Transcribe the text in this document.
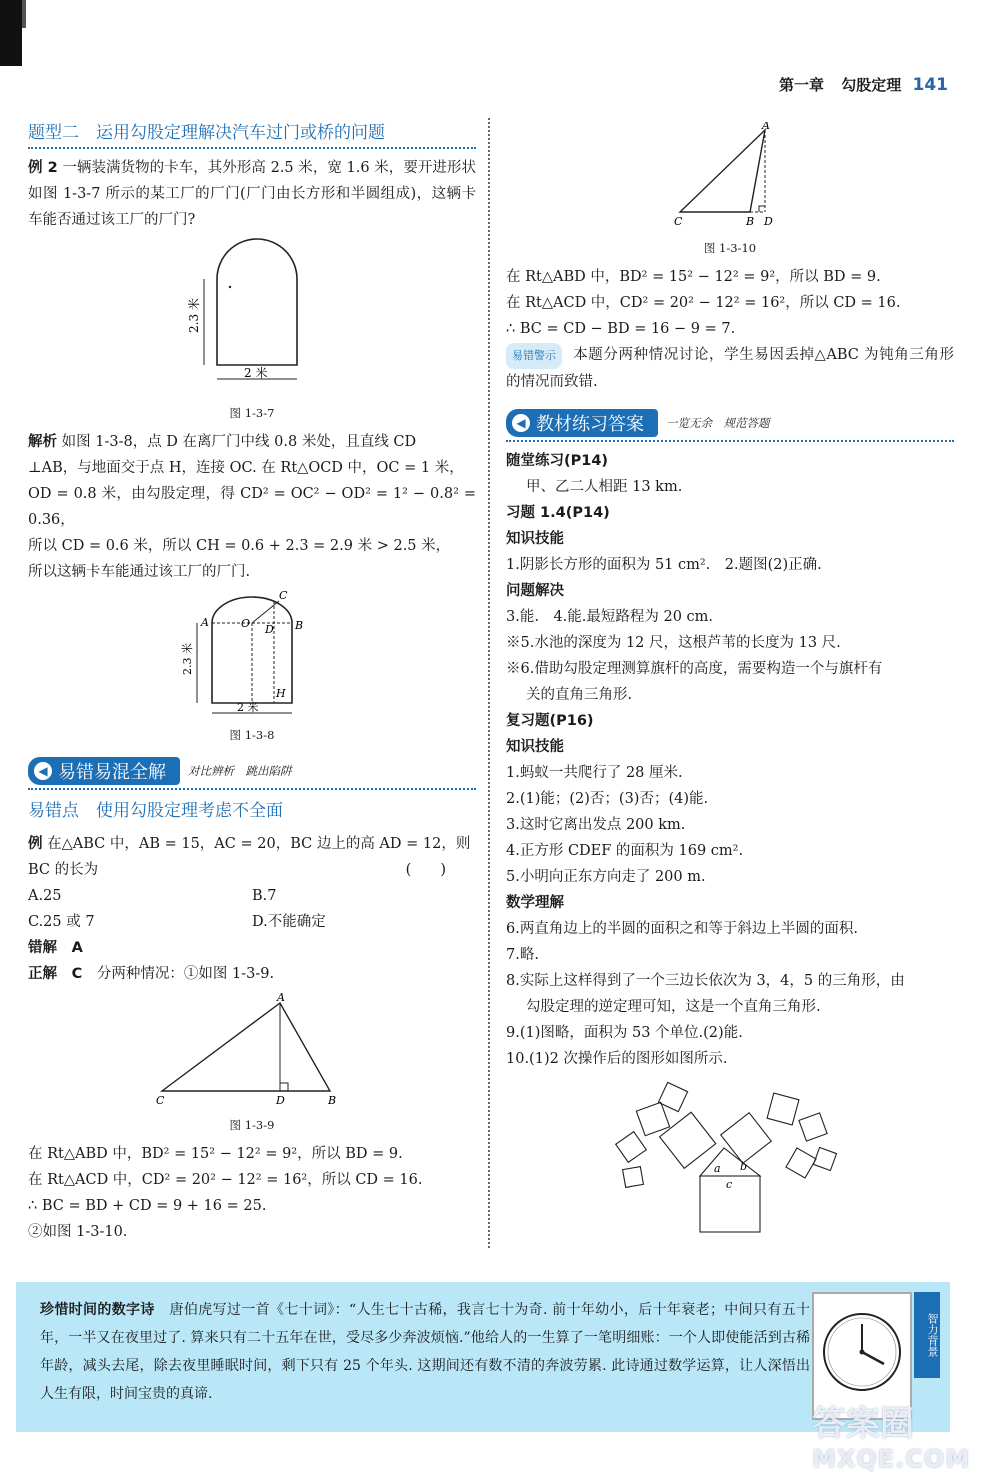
第一章 勾股定理 141
题型二　运用勾股定理解决汽车过门或桥的问题

例 2 一辆装满货物的卡车，其外形高 2.5 米，宽 1.6 米，要开进形状如图 1-3-7 所示的某工厂的厂门(厂门由长方形和半圆组成)，这辆卡车能否通过该工厂的厂门?

2.3 米
2 米
图 1-3-7

解析 如图 1-3-8，点 D 在离厂门中线 0.8 米处，且直线 CD
⊥AB，与地面交于点 H，连接 OC. 在 Rt△OCD 中，OC = 1 米，
OD = 0.8 米，由勾股定理，得 CD² = OC² − OD² = 1² − 0.8² = 0.36，
所以 CD = 0.6 米，所以 CH = 0.6 + 2.3 = 2.9 米 > 2.5 米，
所以这辆卡车能通过该工厂的厂门.

A	B
C
D
O
H
2.3 米
2 米
图 1-3-8
◀ 易错易混全解 对比辨析　跳出陷阱
易错点　使用勾股定理考虑不全面

例 在△ABC 中，AB = 15，AC = 20，BC 边上的高 AD = 12，则

BC 的长为	(　　)
A.25	B.7
C.25 或 7	D.不能确定

错解 A

正解 C 分两种情况：①如图 1-3-9.

A
B
C	D
图 1-3-9

在 Rt△ABD 中，BD² = 15² − 12² = 9²，所以 BD = 9.

在 Rt△ACD 中，CD² = 20² − 12² = 16²，所以 CD = 16.

∴ BC = BD + CD = 9 + 16 = 25.

②如图 1-3-10.

A
B
C	D
图 1-3-10

在 Rt△ABD 中，BD² = 15² − 12² = 9²，所以 BD = 9.

在 Rt△ACD 中，CD² = 20² − 12² = 16²，所以 CD = 16.

∴ BC = CD − BD = 16 − 9 = 7.

易错警示 本题分两种情况讨论，学生易因丢掉△ABC 为钝角三角形的情况而致错.

◀ 教材练习答案 一览无余　规范答题

随堂练习(P14)

甲、乙二人相距 13 km.

习题 1.4(P14)

知识技能

1.阴影长方形的面积为 51 cm².　2.题图(2)正确.

问题解决

3.能.　4.能.最短路程为 20 cm.

※5.水池的深度为 12 尺，这根芦苇的长度为 13 尺.

※6.借助勾股定理测算旗杆的高度，需要构造一个与旗杆有

关的直角三角形.

复习题(P16)

知识技能

1.蚂蚁一共爬行了 28 厘米.

2.(1)能；(2)否；(3)否；(4)能.

3.这时它离出发点 200 km.

4.正方形 CDEF 的面积为 169 cm².

5.小明向正东方向走了 200 m.

数学理解

6.两直角边上的半圆的面积之和等于斜边上半圆的面积.

7.略.

8.实际上这样得到了一个三边长依次为 3，4，5 的三角形，由

勾股定理的逆定理可知，这是一个直角三角形.

9.(1)图略，面积为 53 个单位.(2)能.

10.(1)2 次操作后的图形如图所示.

a b
c

珍惜时间的数字诗 唐伯虎写过一首《七十词》：“人生七十古稀，我言七十为奇. 前十年幼小，后十年衰老；中间只有五十年，一半又在夜里过了. 算来只有二十五年在世，受尽多少奔波烦恼.”他给人的一生算了一笔明细账：一个人即使能活到古稀年龄，减头去尾，除去夜里睡眠时间，剩下只有 25 个年头. 这期间还有数不清的奔波劳累. 此诗通过数学运算，让人深悟出人生有限，时间宝贵的真谛.

智力背景
答案圈
MXQE.COM
